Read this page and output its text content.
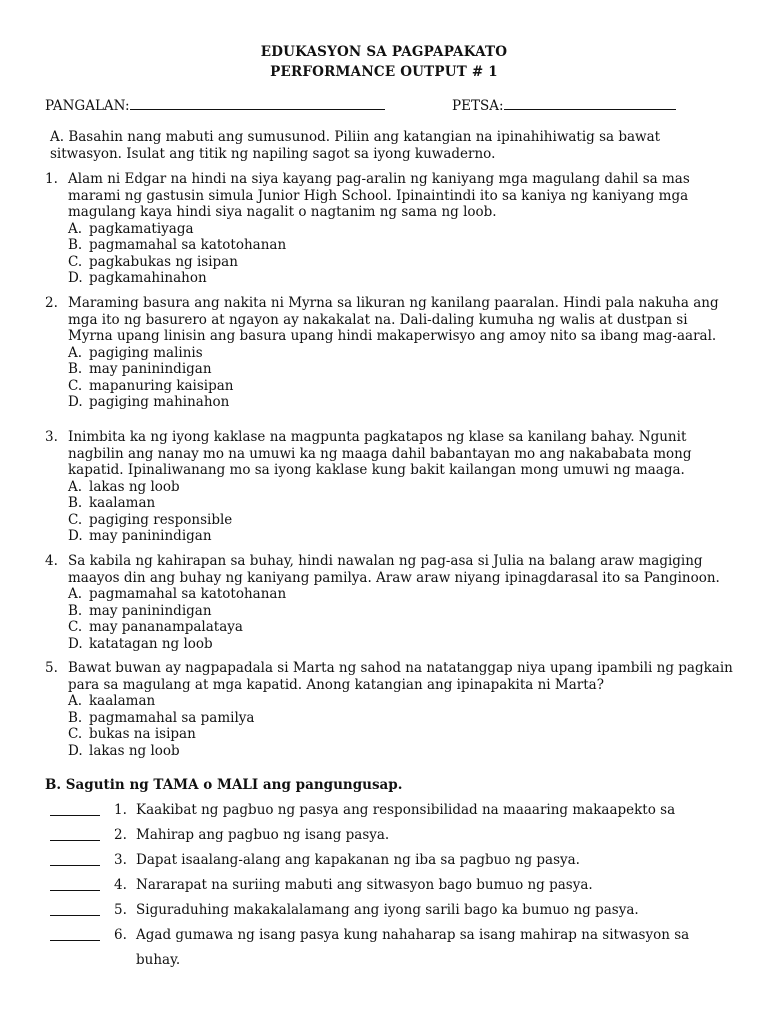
EDUKASYON SA PAGPAPAKATO
PERFORMANCE OUTPUT # 1
PANGALAN:	PETSA:
A. Basahin nang mabuti ang sumusunod. Piliin ang katangian na ipinahihiwatig sa bawat sitwasyon. Isulat ang titik ng napiling sagot sa iyong kuwaderno.
1. Alam ni Edgar na hindi na siya kayang pag-aralin ng kaniyang mga magulang dahil sa mas marami ng gastusin simula Junior High School. Ipinaintindi ito sa kaniya ng kaniyang mga magulang kaya hindi siya nagalit o nagtanim ng sama ng loob.
A. pagkamatiyaga
B. pagmamahal sa katotohanan
C. pagkabukas ng isipan
D. pagkamahinahon
2. Maraming basura ang nakita ni Myrna sa likuran ng kanilang paaralan. Hindi pala nakuha ang mga ito ng basurero at ngayon ay nakakalat na. Dali-daling kumuha ng walis at dustpan si Myrna upang linisin ang basura upang hindi makaperwisyo ang amoy nito sa ibang mag-aaral.
A. pagiging malinis
B. may paninindigan
C. mapanuring kaisipan
D. pagiging mahinahon
3. Inimbita ka ng iyong kaklase na magpunta pagkatapos ng klase sa kanilang bahay. Ngunit nagbilin ang nanay mo na umuwi ka ng maaga dahil babantayan mo ang nakababata mong kapatid. Ipinaliwanang mo sa iyong kaklase kung bakit kailangan mong umuwi ng maaga.
A. lakas ng loob
B. kaalaman
C. pagiging responsible
D. may paninindigan
4. Sa kabila ng kahirapan sa buhay, hindi nawalan ng pag-asa si Julia na balang araw magiging maayos din ang buhay ng kaniyang pamilya. Araw araw niyang ipinagdarasal ito sa Panginoon.
A. pagmamahal sa katotohanan
B. may paninindigan
C. may pananampalataya
D. katatagan ng loob
5. Bawat buwan ay nagpapadala si Marta ng sahod na natatanggap niya upang ipambili ng pagkain para sa magulang at mga kapatid. Anong katangian ang ipinapakita ni Marta?
A. kaalaman
B. pagmamahal sa pamilya
C. bukas na isipan
D. lakas ng loob
B. Sagutin ng TAMA o MALI ang pangungusap.
1. Kaakibat ng pagbuo ng pasya ang responsibilidad na maaaring makaapekto sa
2. Mahirap ang pagbuo ng isang pasya.
3. Dapat isaalang-alang ang kapakanan ng iba sa pagbuo ng pasya.
4. Nararapat na suriing mabuti ang sitwasyon bago bumuo ng pasya.
5. Siguraduhing makakalalamang ang iyong sarili bago ka bumuo ng pasya.
6. Agad gumawa ng isang pasya kung nahaharap sa isang mahirap na sitwasyon sa buhay.
